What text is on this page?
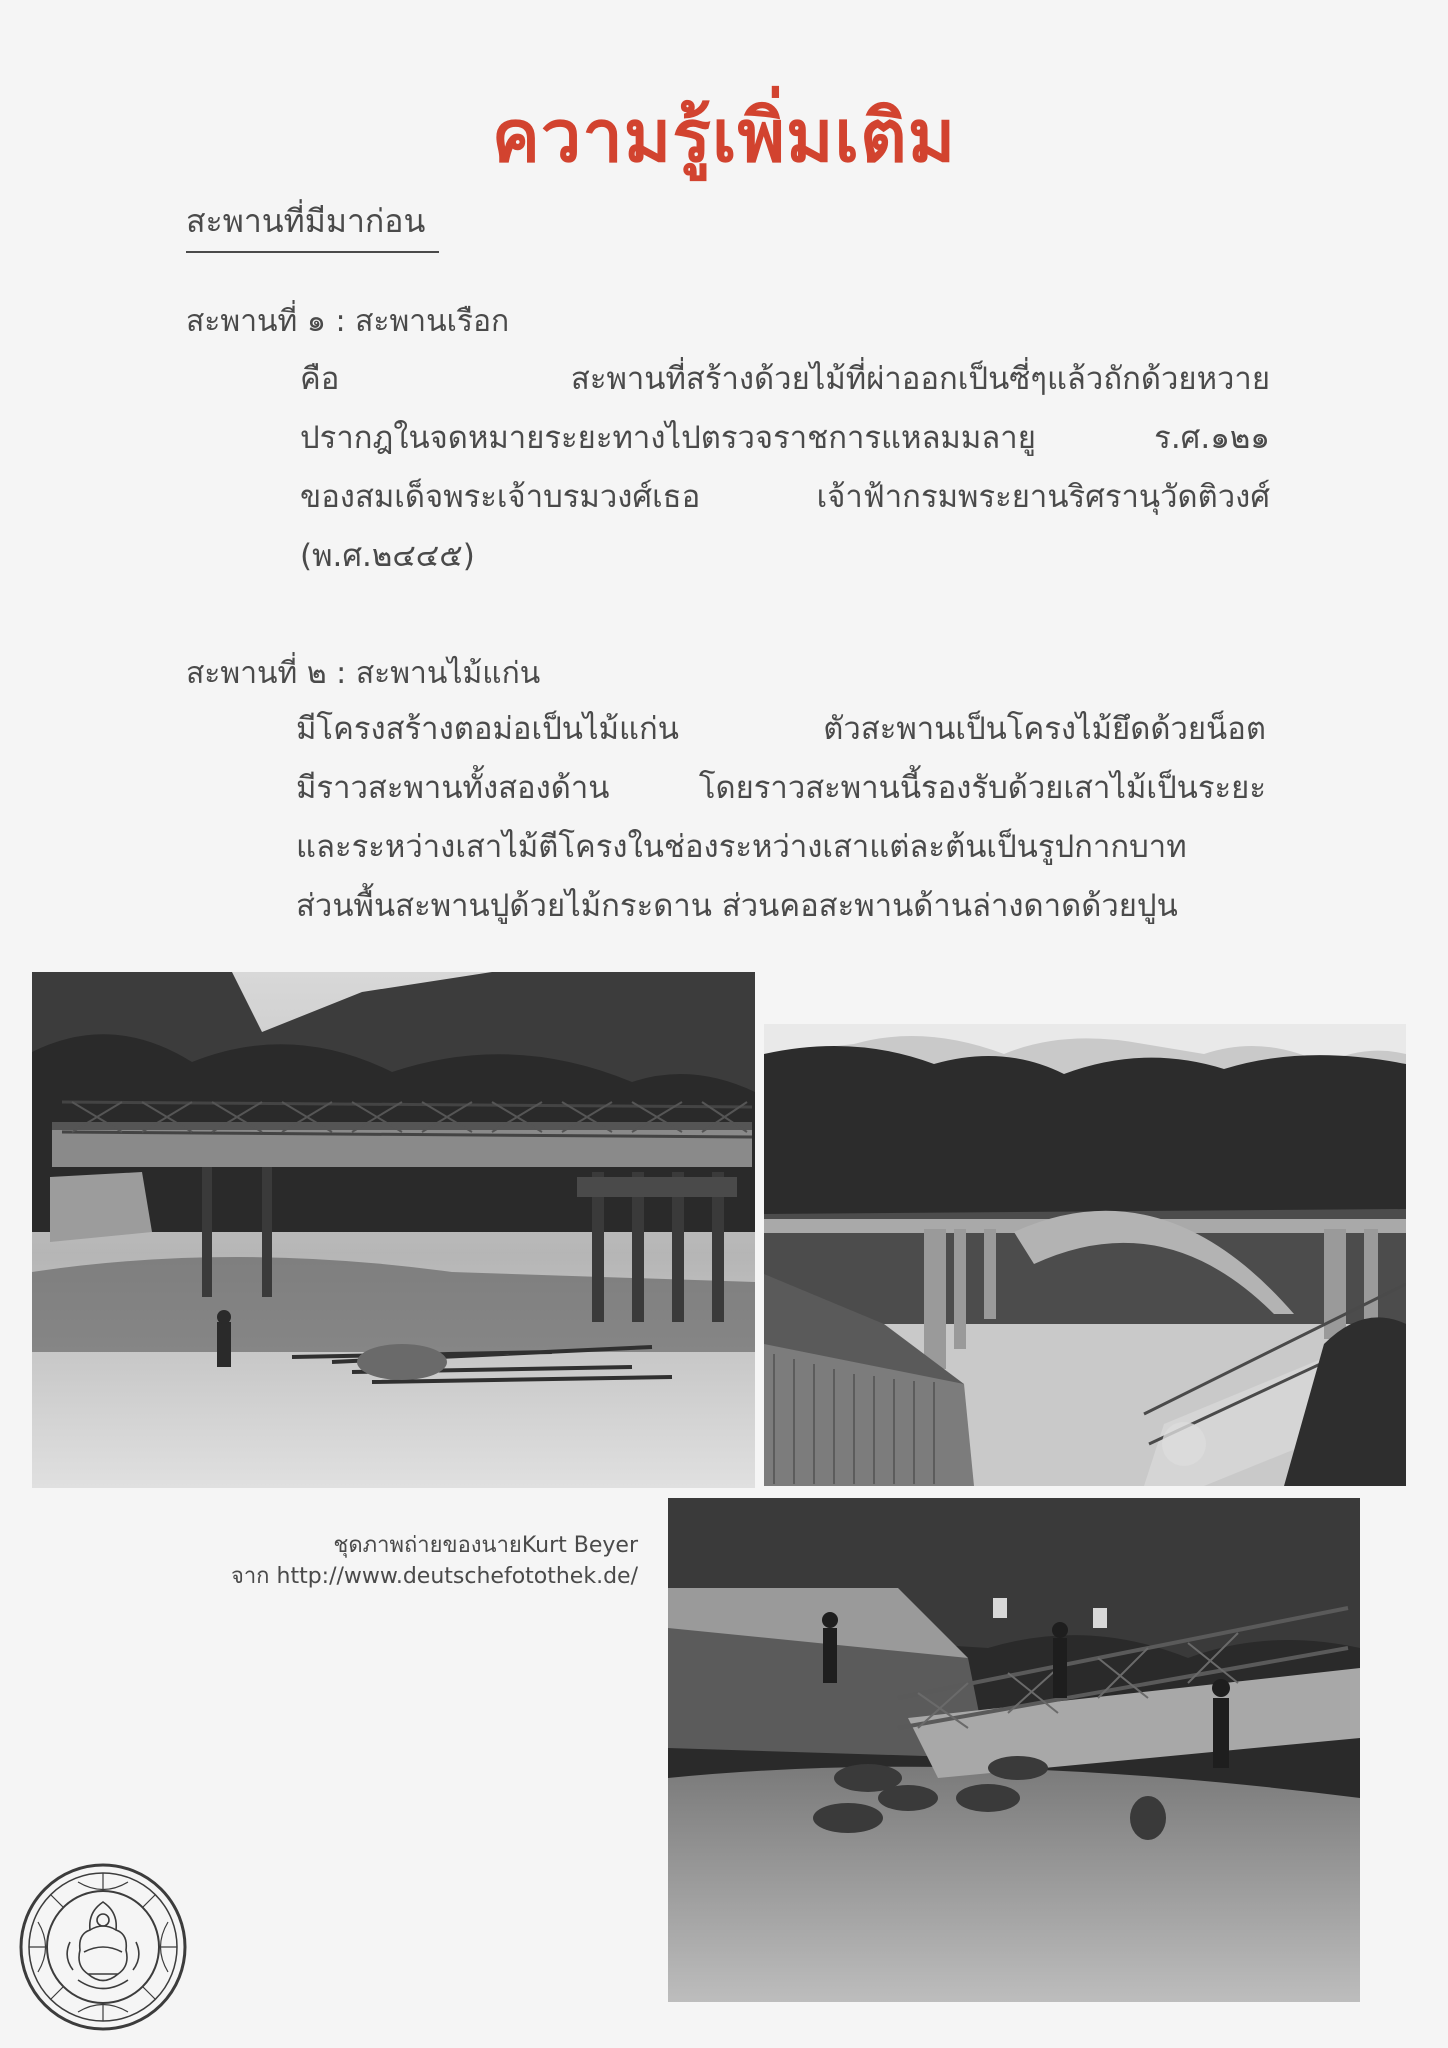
ความรู้เพิ่มเติม
สะพานที่มีมาก่อน
สะพานที่ ๑ : สะพานเรือก
คือ สะพานที่สร้างด้วยไม้ที่ผ่าออกเป็นซี่ๆแล้วถักด้วยหวาย
ปรากฎในจดหมายระยะทางไปตรวจราชการแหลมมลายู ร.ศ.๑๒๑
ของสมเด็จพระเจ้าบรมวงศ์เธอ เจ้าฟ้ากรมพระยานริศรานุวัดติวงศ์
(พ.ศ.๒๔๔๕)
สะพานที่ ๒ : สะพานไม้แก่น
มีโครงสร้างตอม่อเป็นไม้แก่น ตัวสะพานเป็นโครงไม้ยึดด้วยน็อต
มีราวสะพานทั้งสองด้าน โดยราวสะพานนี้รองรับด้วยเสาไม้เป็นระยะ
และระหว่างเสาไม้ตีโครงในช่องระหว่างเสาแต่ละต้นเป็นรูปกากบาท
ส่วนพื้นสะพานปูด้วยไม้กระดาน ส่วนคอสะพานด้านล่างดาดด้วยปูน
ชุดภาพถ่ายของนายKurt Beyer
จาก http://www.deutschefotothek.de/
